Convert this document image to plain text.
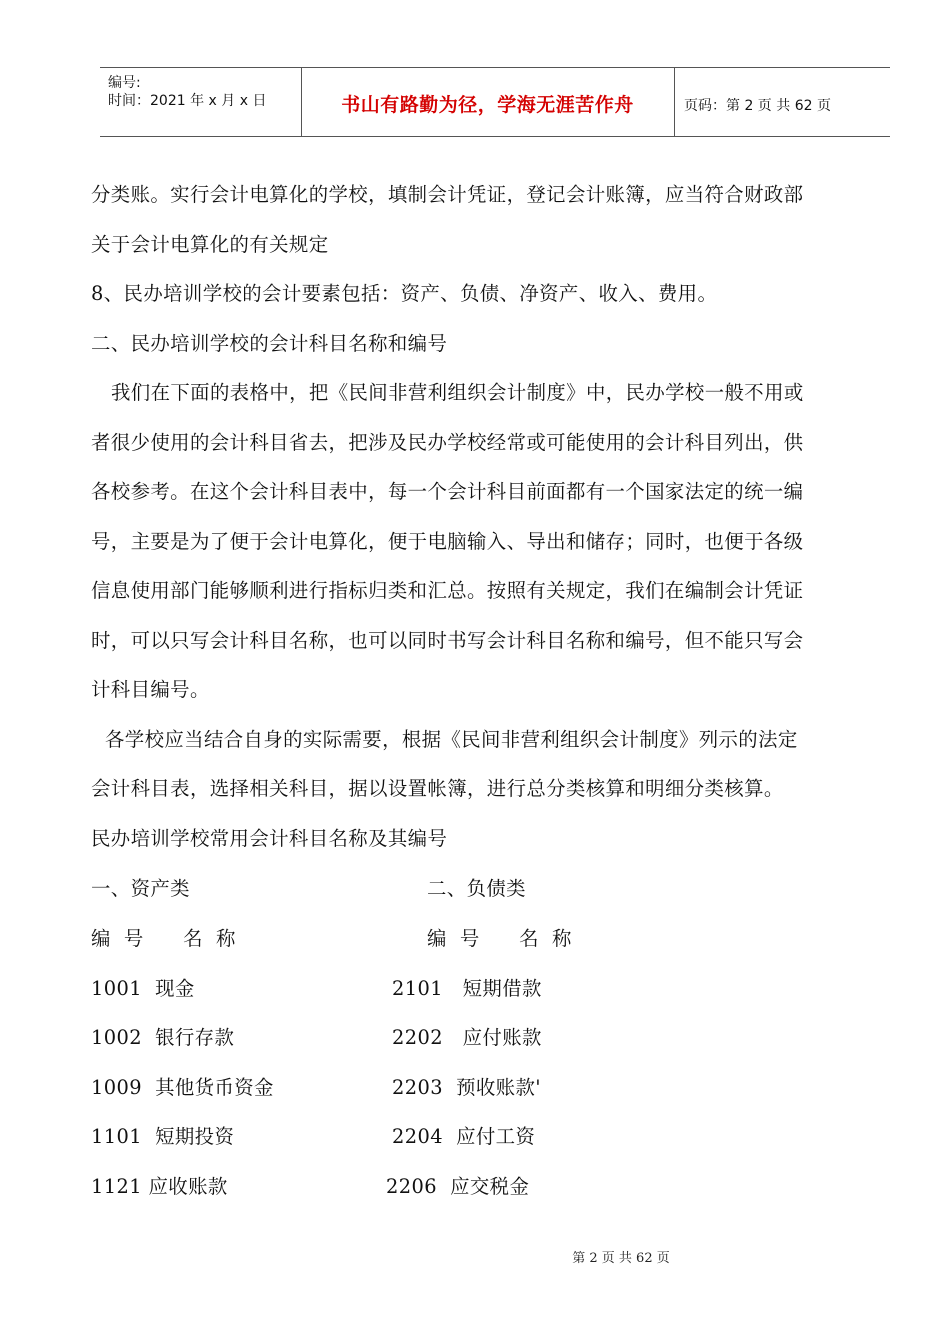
编号:
时间：2021 年 x 月 x 日	书山有路勤为径，学海无涯苦作舟	页码：第 2 页 共 62 页
分类账。实行会计电算化的学校，填制会计凭证，登记会计账簿，应当符合财政部
关于会计电算化的有关规定
8、民办培训学校的会计要素包括：资产、负债、净资产、收入、费用。
二、民办培训学校的会计科目名称和编号
我们在下面的表格中，把《民间非营利组织会计制度》中，民办学校一般不用或
者很少使用的会计科目省去，把涉及民办学校经常或可能使用的会计科目列出，供
各校参考。在这个会计科目表中，每一个会计科目前面都有一个国家法定的统一编
号，主要是为了便于会计电算化，便于电脑输入、导出和储存；同时，也便于各级
信息使用部门能够顺利进行指标归类和汇总。按照有关规定，我们在编制会计凭证
时，可以只写会计科目名称，也可以同时书写会计科目名称和编号，但不能只写会
计科目编号。
各学校应当结合自身的实际需要，根据《民间非营利组织会计制度》列示的法定
会计科目表，选择相关科目，据以设置帐簿，进行总分类核算和明细分类核算。
民办培训学校常用会计科目名称及其编号
一、资产类	二、负债类
编  号      名  称	编  号      名  称
1001  现金	2101   短期借款
1002  银行存款	2202   应付账款
1009  其他货币资金	2203  预收账款'
1101  短期投资	2204  应付工资
1121 应收账款	2206  应交税金
第 2 页 共 62 页
